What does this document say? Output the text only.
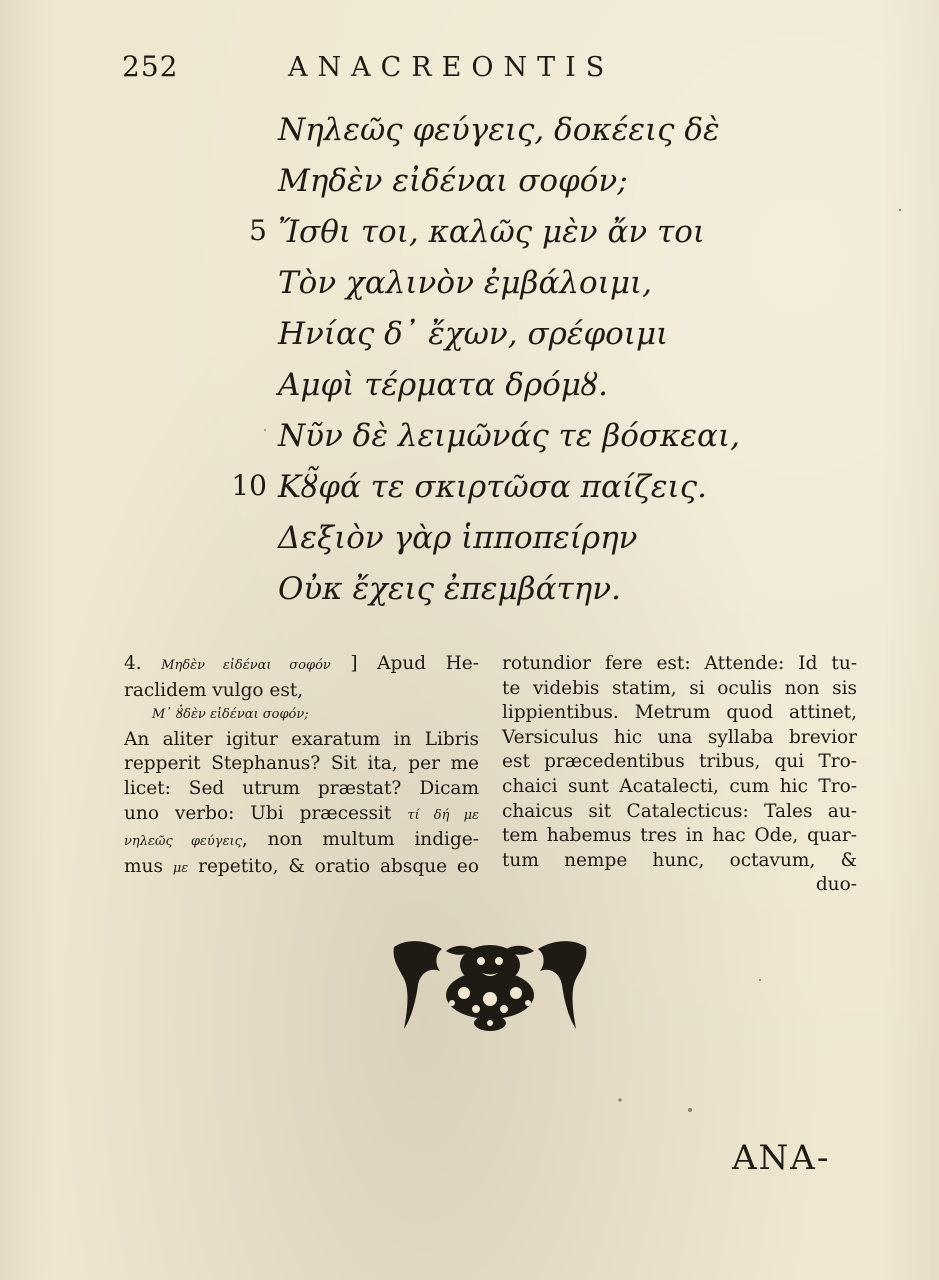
252	ANACREONTIS
Νηλεῶς φεύγεις, δοκέεις δὲ
Μηδὲν εἰδέναι σοφόν;
5 Ἴσθι τοι, καλῶς μὲν ἄν τοι
Τὸν χαλινὸν ἐμβάλοιμι,
Ηνίας δ᾽ ἔχων, σρέφοιμι
Αμφὶ τέρματα δρόμȣ.
Νῦν δὲ λειμῶνάς τε βόσκεαι,
10 Κȣ̃φά τε σκιρτῶσα παίζεις.
Δεξιὸν γὰρ ἱπποπείρην
Οὐκ ἔχεις ἐπεμβάτην.
4. Μηδὲν εἰδέναι σοφόν ] Apud He-
raclidem vulgo est,
Μ᾽ ȣ̓δὲν εἰδέναι σοφόν;
An aliter igitur exaratum in Libris
repperit Stephanus? Sit ita, per me
licet: Sed utrum præstat? Dicam
uno verbo: Ubi præcessit τί δή με
νηλεῶς φεύγεις, non multum indige-
mus με repetito, & oratio absque eo
rotundior fere est: Attende: Id tu-
te videbis statim, si oculis non sis
lippientibus. Metrum quod attinet,
Versiculus hic una syllaba brevior
est præcedentibus tribus, qui Tro-
chaici sunt Acatalecti, cum hic Tro-
chaicus sit Catalecticus: Tales au-
tem habemus tres in hac Ode, quar-
tum nempe hunc, octavum, &
duo-
ANA-
